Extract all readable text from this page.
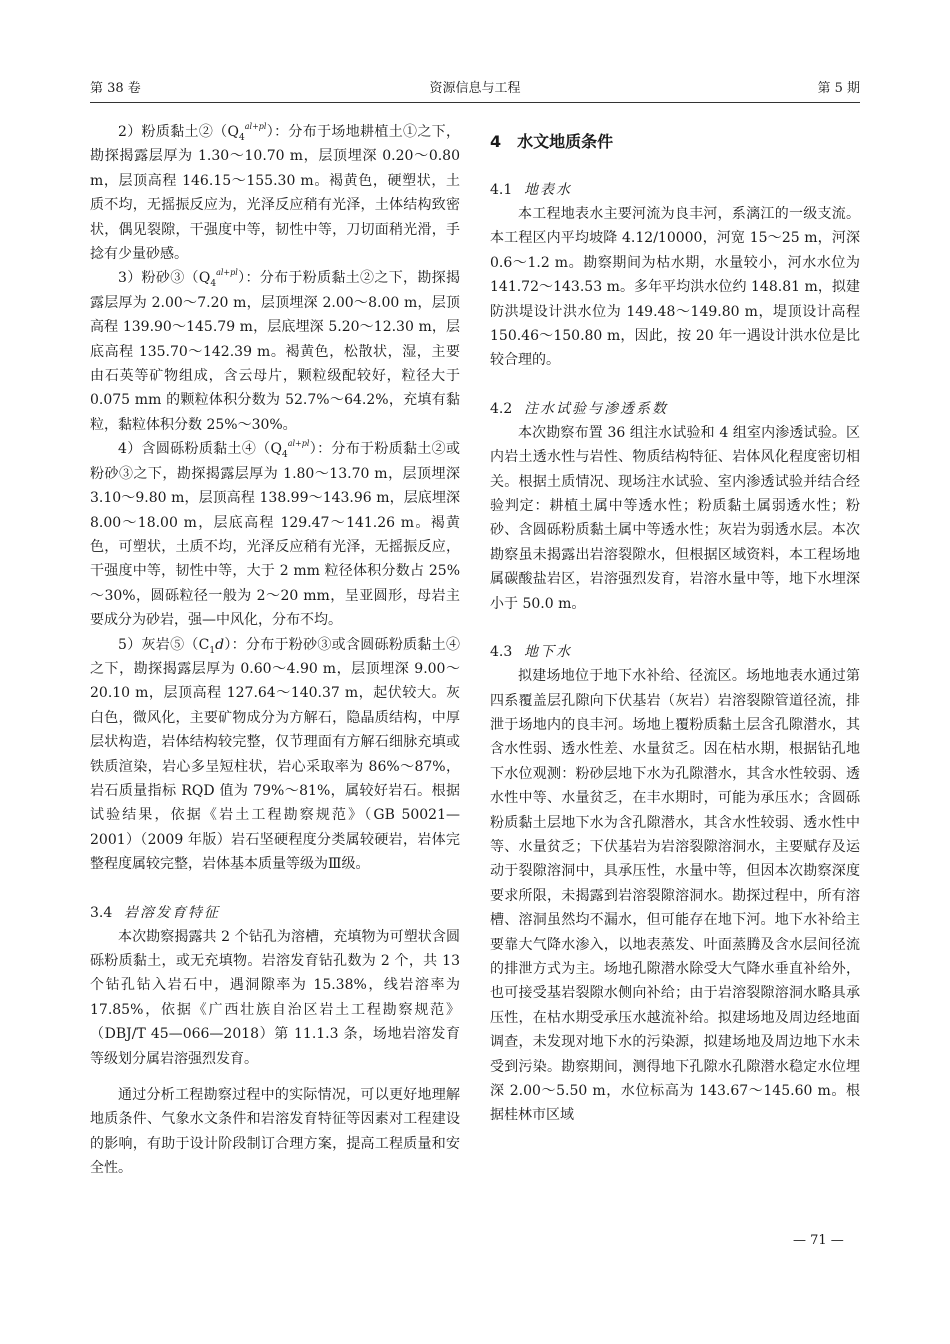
第 38 卷	资源信息与工程	第 5 期

2）粉质黏土$②(Q_4^{al+pl})$：分布于场地耕植土①之下，勘探揭露层厚为 1.30～10.70 m，层顶埋深 0.20～0.80 m，层顶高程 146.15～155.30 m。褐黄色，硬塑状，土质不均，无摇振反应为，光泽反应稍有光泽，土体结构致密状，偶见裂隙，干强度中等，韧性中等，刀切面稍光滑，手捻有少量砂感。

3）粉砂$③(Q_4^{al+pl})$：分布于粉质黏土②之下，勘探揭露层厚为 2.00～7.20 m，层顶埋深 2.00～8.00 m，层顶高程 139.90～145.79 m，层底埋深 5.20～12.30 m，层底高程 135.70～142.39 m。褐黄色，松散状，湿，主要由石英等矿物组成，含云母片，颗粒级配较好，粒径大于 0.075 mm 的颗粒体积分数为 52.7%～64.2%，充填有黏粒，黏粒体积分数 25%～30%。

4）含圆砾粉质黏土$④(Q_4^{al+pl})$：分布于粉质黏土②或粉砂③之下，勘探揭露层厚为 1.80～13.70 m，层顶埋深 3.10～9.80 m，层顶高程 138.99～143.96 m，层底埋深 8.00～18.00 m，层底高程 129.47～141.26 m。褐黄色，可塑状，土质不均，光泽反应稍有光泽，无摇振反应，干强度中等，韧性中等，大于 2 mm 粒径体积分数占 25%～30%，圆砾粒径一般为 2～20 mm，呈亚圆形，母岩主要成分为砂岩，强—中风化，分布不均。

5）灰岩$⑤(C_1d)$：分布于粉砂③或含圆砾粉质黏土④之下，勘探揭露层厚为 0.60～4.90 m，层顶埋深 9.00～20.10 m，层顶高程 127.64～140.37 m，起伏较大。灰白色，微风化，主要矿物成分为方解石，隐晶质结构，中厚层状构造，岩体结构较完整，仅节理面有方解石细脉充填或铁质渲染，岩心多呈短柱状，岩心采取率为 86%～87%，岩石质量指标 RQD 值为 79%～81%，属较好岩石。根据试验结果，依据《岩土工程勘察规范》（GB 50021—2001）（2009 年版）岩石坚硬程度分类属较硬岩，岩体完整程度属较完整，岩体基本质量等级为Ⅲ级。

3.4 岩溶发育特征

本次勘察揭露共 2 个钻孔为溶槽，充填物为可塑状含圆砾粉质黏土，或无充填物。岩溶发育钻孔数为 2 个，共 13 个钻孔钻入岩石中，遇洞隙率为 15.38%，线岩溶率为 17.85%，依据《广西壮族自治区岩土工程勘察规范》（DBJ/T 45—066—2018）第 11.1.3 条，场地岩溶发育等级划分属岩溶强烈发育。

通过分析工程勘察过程中的实际情况，可以更好地理解地质条件、气象水文条件和岩溶发育特征等因素对工程建设的影响，有助于设计阶段制订合理方案，提高工程质量和安全性。

4　水文地质条件
4.1 地表水

本工程地表水主要河流为良丰河，系漓江的一级支流。本工程区内平均坡降 4.12/10000，河宽 15～25 m，河深 0.6～1.2 m。勘察期间为枯水期，水量较小，河水水位为 141.72～143.53 m。多年平均洪水位约 148.81 m，拟建防洪堤设计洪水位为 149.48～149.80 m，堤顶设计高程 150.46～150.80 m，因此，按 20 年一遇设计洪水位是比较合理的。

4.2 注水试验与渗透系数

本次勘察布置 36 组注水试验和 4 组室内渗透试验。区内岩土透水性与岩性、物质结构特征、岩体风化程度密切相关。根据土质情况、现场注水试验、室内渗透试验并结合经验判定：耕植土属中等透水性；粉质黏土属弱透水性；粉砂、含圆砾粉质黏土属中等透水性；灰岩为弱透水层。本次勘察虽未揭露出岩溶裂隙水，但根据区域资料，本工程场地属碳酸盐岩区，岩溶强烈发育，岩溶水量中等，地下水埋深小于 50.0 m。

4.3 地下水

拟建场地位于地下水补给、径流区。场地地表水通过第四系覆盖层孔隙向下伏基岩（灰岩）岩溶裂隙管道径流，排泄于场地内的良丰河。场地上覆粉质黏土层含孔隙潜水，其含水性弱、透水性差、水量贫乏。因在枯水期，根据钻孔地下水位观测：粉砂层地下水为孔隙潜水，其含水性较弱、透水性中等、水量贫乏，在丰水期时，可能为承压水；含圆砾粉质黏土层地下水为含孔隙潜水，其含水性较弱、透水性中等、水量贫乏；下伏基岩为岩溶裂隙溶洞水，主要赋存及运动于裂隙溶洞中，具承压性，水量中等，但因本次勘察深度要求所限，未揭露到岩溶裂隙溶洞水。勘探过程中，所有溶槽、溶洞虽然均不漏水，但可能存在地下河。地下水补给主要靠大气降水渗入，以地表蒸发、叶面蒸腾及含水层间径流的排泄方式为主。场地孔隙潜水除受大气降水垂直补给外，也可接受基岩裂隙水侧向补给；由于岩溶裂隙溶洞水略具承压性，在枯水期受承压水越流补给。拟建场地及周边经地面调查，未发现对地下水的污染源，拟建场地及周边地下水未受到污染。勘察期间，测得地下孔隙水孔隙潜水稳定水位埋深 2.00～5.50 m，水位标高为 143.67～145.60 m。根据桂林市区域

— 71 —
